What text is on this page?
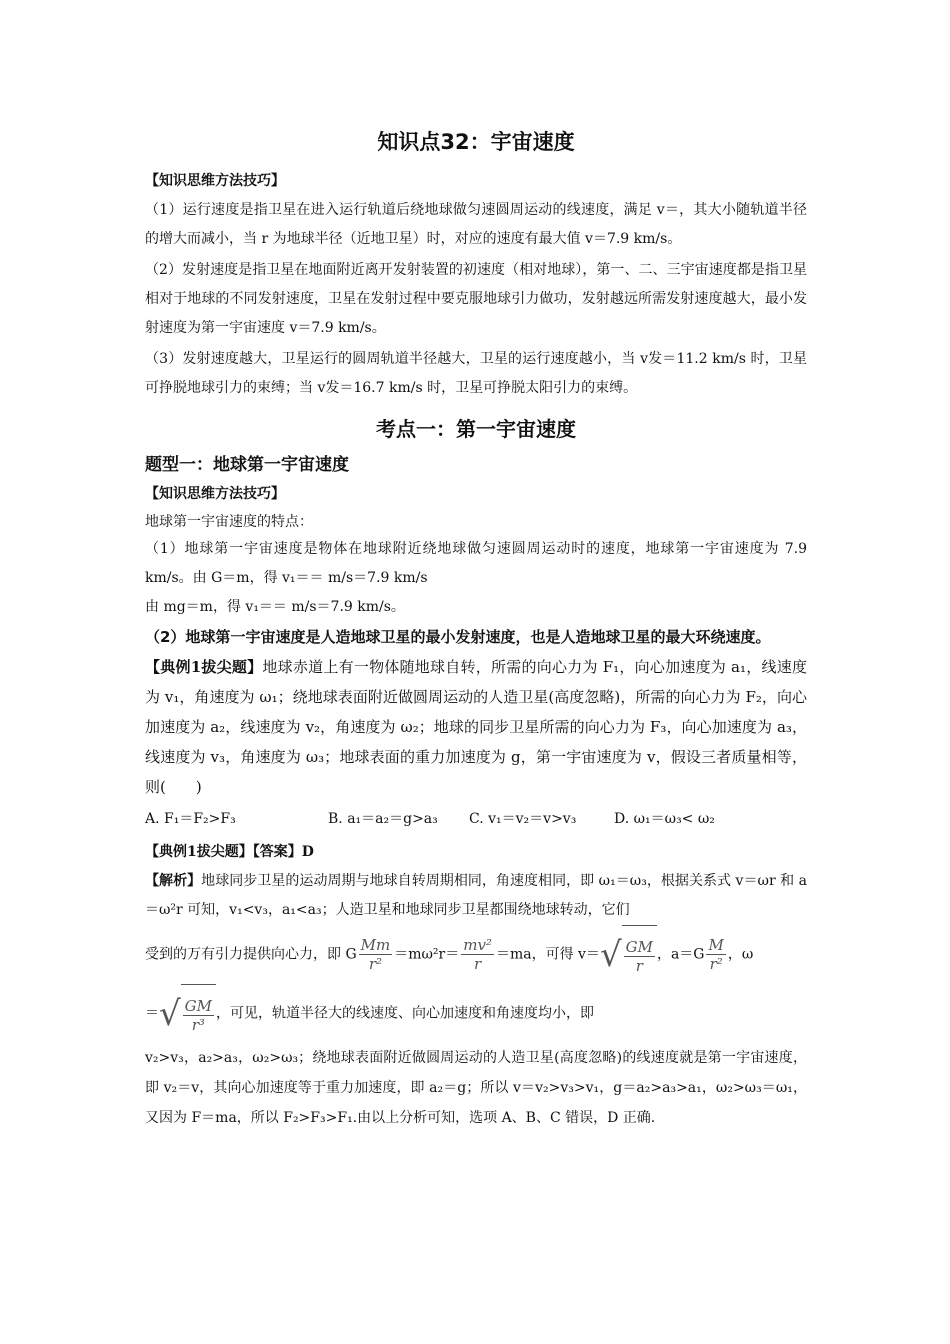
知识点32：宇宙速度
【知识思维方法技巧】

（1）运行速度是指卫星在进入运行轨道后绕地球做匀速圆周运动的线速度，满足 v＝，其大小随轨道半径的增大而减小，当 r 为地球半径（近地卫星）时，对应的速度有最大值 v＝7.9 km/s。

（2）发射速度是指卫星在地面附近离开发射装置的初速度（相对地球），第一、二、三宇宙速度都是指卫星相对于地球的不同发射速度，卫星在发射过程中要克服地球引力做功，发射越远所需发射速度越大，最小发射速度为第一宇宙速度 v＝7.9 km/s。

（3）发射速度越大，卫星运行的圆周轨道半径越大，卫星的运行速度越小，当 v发＝11.2 km/s 时，卫星可挣脱地球引力的束缚；当 v发＝16.7 km/s 时，卫星可挣脱太阳引力的束缚。

考点一：第一宇宙速度
题型一：地球第一宇宙速度
【知识思维方法技巧】

地球第一宇宙速度的特点：

（1）地球第一宇宙速度是物体在地球附近绕地球做匀速圆周运动时的速度，地球第一宇宙速度为 7.9 km/s。由 G＝m，得 v₁＝＝ m/s＝7.9 km/s

由 mg＝m，得 v₁＝＝ m/s＝7.9 km/s。

（2）地球第一宇宙速度是人造地球卫星的最小发射速度，也是人造地球卫星的最大环绕速度。

【典例1拔尖题】地球赤道上有一物体随地球自转，所需的向心力为 F₁，向心加速度为 a₁，线速度为 v₁，角速度为 ω₁；绕地球表面附近做圆周运动的人造卫星(高度忽略)，所需的向心力为 F₂，向心加速度为 a₂，线速度为 v₂，角速度为 ω₂；地球的同步卫星所需的向心力为 F₃，向心加速度为 a₃，线速度为 v₃，角速度为 ω₃；地球表面的重力加速度为 g，第一宇宙速度为 v，假设三者质量相等，则(　　)

A. F₁＝F₂>F₃	B. a₁＝a₂＝g>a₃	C. v₁＝v₂＝v>v₃	D. ω₁＝ω₃< ω₂

【典例1拔尖题】【答案】D

【解析】地球同步卫星的运动周期与地球自转周期相同，角速度相同，即 ω₁＝ω₃，根据关系式 v＝ωr 和 a＝ω²r 可知，v₁<v₃，a₁<a₃；人造卫星和地球同步卫星都围绕地球转动，它们

受到的万有引力提供向心力，即 G $\frac{Mm}{\text{r²}} =m\omega^2r= \frac{\text{mv²}}{r} =ma$，可得 v＝ √ $\frac{GM}{r}$ ，$a=G \frac{M}{\text{r²}}$ ，ω

＝ √ $\frac{GM}{\text{r³}}$ ，可见，轨道半径大的线速度、向心加速度和角速度均小，即

v₂>v₃，a₂>a₃，ω₂>ω₃；绕地球表面附近做圆周运动的人造卫星(高度忽略)的线速度就是第一宇宙速度，即 v₂＝v，其向心加速度等于重力加速度，即 a₂＝g；所以 v＝v₂>v₃>v₁，g＝a₂>a₃>a₁，ω₂>ω₃＝ω₁，又因为 F＝ma，所以 F₂>F₃>F₁.由以上分析可知，选项 A、B、C 错误，D 正确.
